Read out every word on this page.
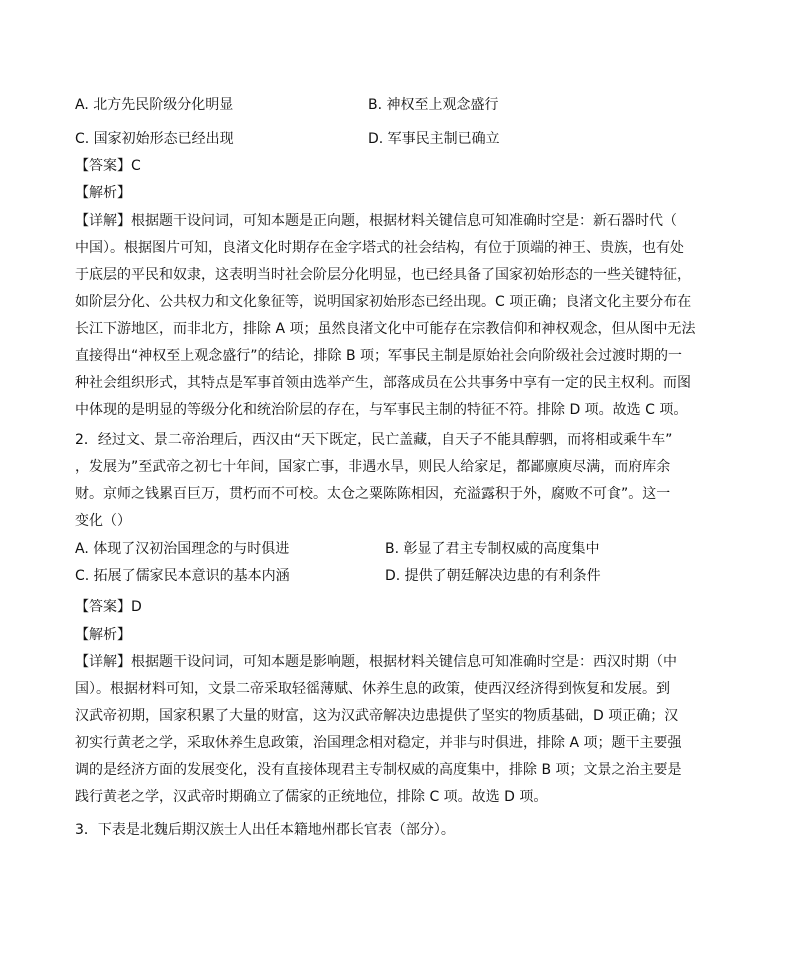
A. 北方先民阶级分化明显	B. 神权至上观念盛行
C. 国家初始形态已经出现	D. 军事民主制已确立
【答案】C
【解析】
【详解】根据题干设问词，可知本题是正向题，根据材料关键信息可知准确时空是：新石器时代（
中国）。根据图片可知，良渚文化时期存在金字塔式的社会结构，有位于顶端的神王、贵族，也有处
于底层的平民和奴隶，这表明当时社会阶层分化明显，也已经具备了国家初始形态的一些关键特征，
如阶层分化、公共权力和文化象征等，说明国家初始形态已经出现。C 项正确；良渚文化主要分布在
长江下游地区，而非北方，排除 A 项；虽然良渚文化中可能存在宗教信仰和神权观念，但从图中无法
直接得出“神权至上观念盛行”的结论，排除 B 项；军事民主制是原始社会向阶级社会过渡时期的一
种社会组织形式，其特点是军事首领由选举产生，部落成员在公共事务中享有一定的民主权利。而图
中体现的是明显的等级分化和统治阶层的存在，与军事民主制的特征不符。排除 D 项。故选 C 项。
2．经过文、景二帝治理后，西汉由“天下既定，民亡盖藏，自天子不能具醇驷，而将相或乘牛车”
，发展为”至武帝之初七十年间，国家亡事，非遇水旱，则民人给家足，都鄙廪庾尽满，而府库余
财。京师之钱累百巨万，贯朽而不可校。太仓之粟陈陈相因，充溢露积于外，腐败不可食”。这一
变化（）
A. 体现了汉初治国理念的与时俱进	B. 彰显了君主专制权威的高度集中
C. 拓展了儒家民本意识的基本内涵	D. 提供了朝廷解决边患的有利条件
【答案】D
【解析】
【详解】根据题干设问词，可知本题是影响题，根据材料关键信息可知准确时空是：西汉时期（中
国）。根据材料可知，文景二帝采取轻徭薄赋、休养生息的政策，使西汉经济得到恢复和发展。到
汉武帝初期，国家积累了大量的财富，这为汉武帝解决边患提供了坚实的物质基础，D 项正确；汉
初实行黄老之学，采取休养生息政策，治国理念相对稳定，并非与时俱进，排除 A 项；题干主要强
调的是经济方面的发展变化，没有直接体现君主专制权威的高度集中，排除 B 项；文景之治主要是
践行黄老之学，汉武帝时期确立了儒家的正统地位，排除 C 项。故选 D 项。
3．下表是北魏后期汉族士人出任本籍地州郡长官表（部分）。
